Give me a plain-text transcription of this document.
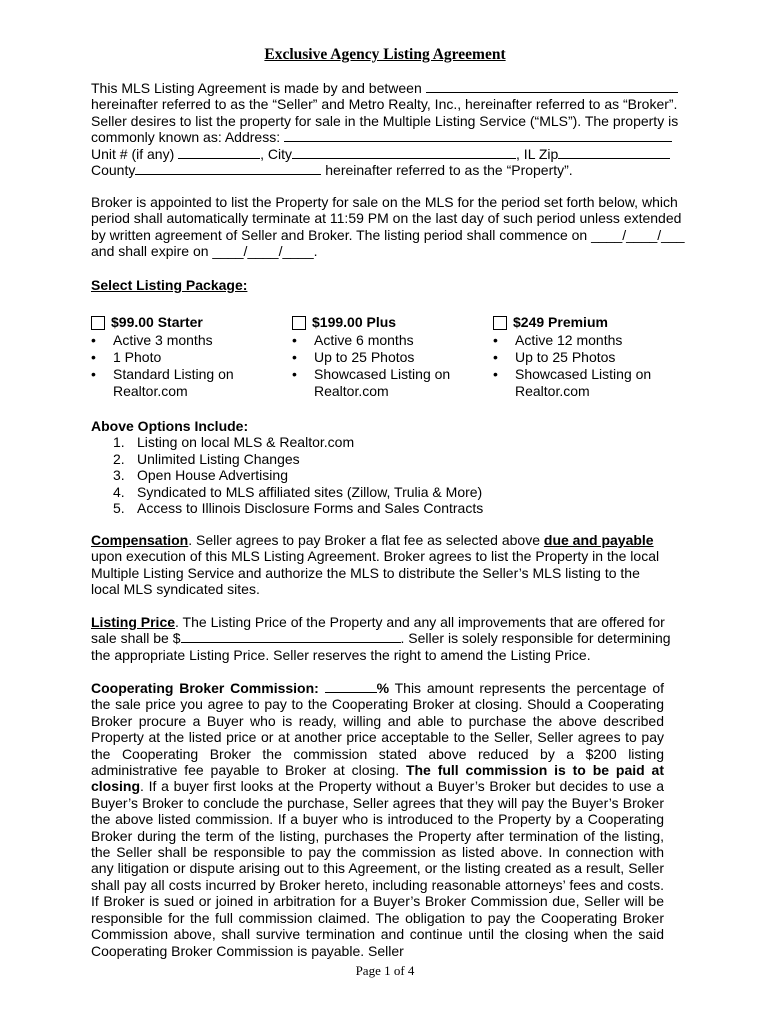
Exclusive Agency Listing Agreement
This MLS Listing Agreement is made by and between
hereinafter referred to as the “Seller” and Metro Realty, Inc., hereinafter referred to as “Broker”.
Seller desires to list the property for sale in the Multiple Listing Service (“MLS”). The property is
commonly known as: Address:
Unit # (if any)	, City	, IL Zip
County	hereinafter referred to as the “Property”.
Broker is appointed to list the Property for sale on the MLS for the period set forth below, which
period shall automatically terminate at 11:59 PM on the last day of such period unless extended
by written agreement of Seller and Broker. The listing period shall commence on ____/____/___
and shall expire on ____/____/____.
Select Listing Package:
$99.00 Starter
• Active 3 months
• 1 Photo
• Standard Listing on Realtor.com
$199.00 Plus
• Active 6 months
• Up to 25 Photos
• Showcased Listing on Realtor.com
$249 Premium
• Active 12 months
• Up to 25 Photos
• Showcased Listing on Realtor.com
Above Options Include:
1. Listing on local MLS & Realtor.com
2. Unlimited Listing Changes
3. Open House Advertising
4. Syndicated to MLS affiliated sites (Zillow, Trulia & More)
5. Access to Illinois Disclosure Forms and Sales Contracts
Compensation. Seller agrees to pay Broker a flat fee as selected above due and payable upon execution of this MLS Listing Agreement. Broker agrees to list the Property in the local Multiple Listing Service and authorize the MLS to distribute the Seller’s MLS listing to the local MLS syndicated sites.
Listing Price. The Listing Price of the Property and any all improvements that are offered for
sale shall be $	. Seller is solely responsible for determining
the appropriate Listing Price. Seller reserves the right to amend the Listing Price.
Cooperating Broker Commission:	% This amount represents the percentage of the sale price you agree to pay to the Cooperating Broker at closing. Should a Cooperating Broker procure a Buyer who is ready, willing and able to purchase the above described Property at the listed price or at another price acceptable to the Seller, Seller agrees to pay the Cooperating Broker the commission stated above reduced by a $200 listing administrative fee payable to Broker at closing. The full commission is to be paid at closing. If a buyer first looks at the Property without a Buyer’s Broker but decides to use a Buyer’s Broker to conclude the purchase, Seller agrees that they will pay the Buyer’s Broker the above listed commission. If a buyer who is introduced to the Property by a Cooperating Broker during the term of the listing, purchases the Property after termination of the listing, the Seller shall be responsible to pay the commission as listed above. In connection with any litigation or dispute arising out to this Agreement, or the listing created as a result, Seller shall pay all costs incurred by Broker hereto, including reasonable attorneys’ fees and costs. If Broker is sued or joined in arbitration for a Buyer’s Broker Commission due, Seller will be responsible for the full commission claimed. The obligation to pay the Cooperating Broker Commission above, shall survive termination and continue until the closing when the said Cooperating Broker Commission is payable. Seller
Page 1 of 4
